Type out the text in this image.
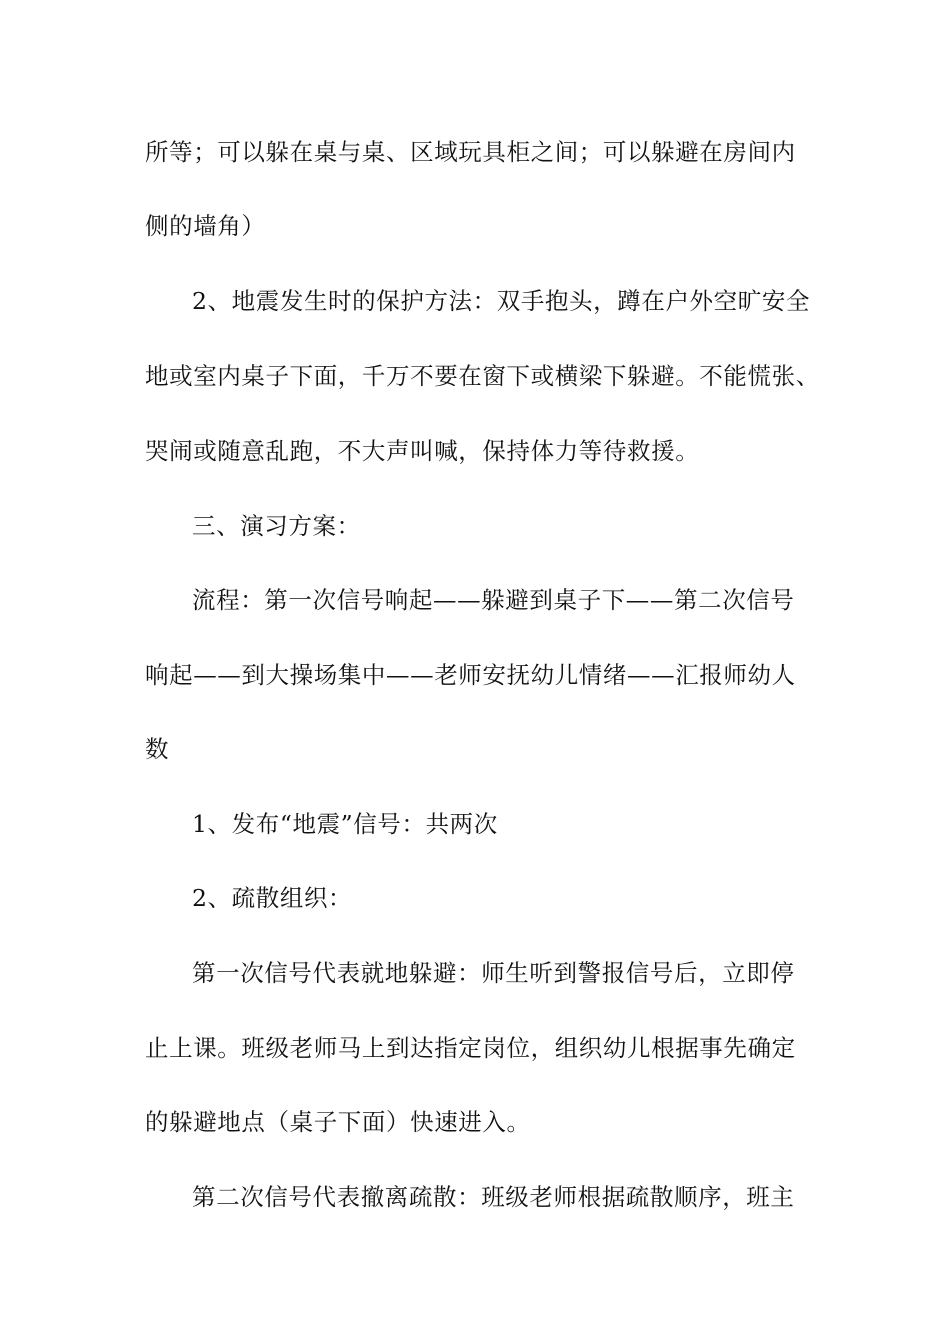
所等；可以躲在桌与桌、区域玩具柜之间；可以躲避在房间内
侧的墙角）
2、地震发生时的保护方法：双手抱头，蹲在户外空旷安全
地或室内桌子下面，千万不要在窗下或横梁下躲避。不能慌张、
哭闹或随意乱跑，不大声叫喊，保持体力等待救援。
三、演习方案：
流程：第一次信号响起——躲避到桌子下——第二次信号
响起——到大操场集中——老师安抚幼儿情绪——汇报师幼人
数
1、发布“地震”信号：共两次
2、疏散组织：
第一次信号代表就地躲避：师生听到警报信号后，立即停
止上课。班级老师马上到达指定岗位，组织幼儿根据事先确定
的躲避地点（桌子下面）快速进入。
第二次信号代表撤离疏散：班级老师根据疏散顺序，班主
